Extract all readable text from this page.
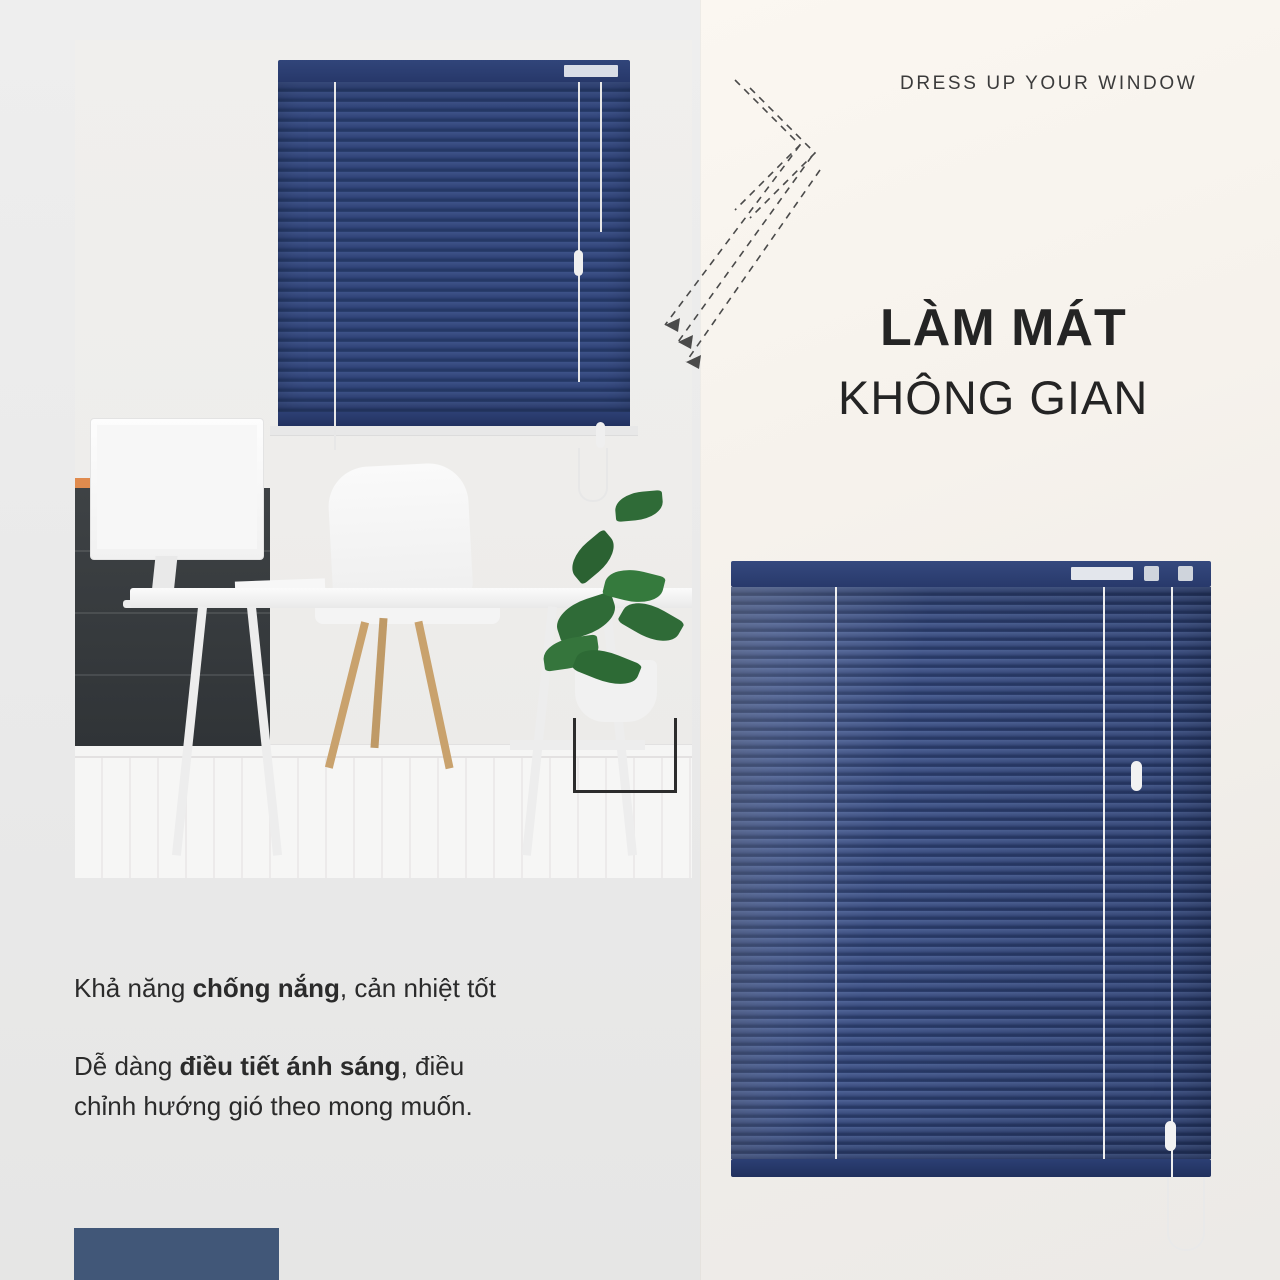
DRESS UP YOUR WINDOW
LÀM MÁT
KHÔNG GIAN
Khả năng chống nắng, cản nhiệt tốt
Dễ dàng điều tiết ánh sáng, điều
chỉnh hướng gió theo mong muốn.
